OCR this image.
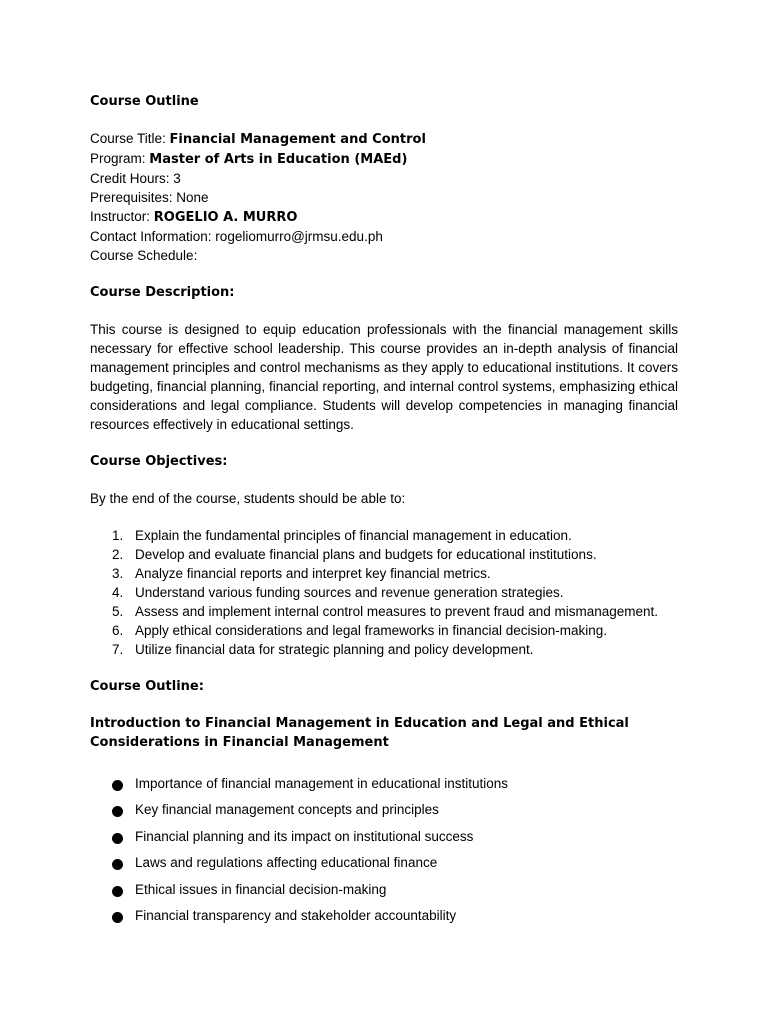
Course Outline

Course Title: Financial Management and Control

Program: Master of Arts in Education (MAEd)

Credit Hours: 3

Prerequisites: None

Instructor: ROGELIO A. MURRO

Contact Information: rogeliomurro@jrmsu.edu.ph

Course Schedule:

Course Description:

This course is designed to equip education professionals with the financial management skills necessary for effective school leadership. This course provides an in-depth analysis of financial management principles and control mechanisms as they apply to educational institutions. It covers budgeting, financial planning, financial reporting, and internal control systems, emphasizing ethical considerations and legal compliance. Students will develop competencies in managing financial resources effectively in educational settings.

Course Objectives:

By the end of the course, students should be able to:

1. Explain the fundamental principles of financial management in education.
2. Develop and evaluate financial plans and budgets for educational institutions.
3. Analyze financial reports and interpret key financial metrics.
4. Understand various funding sources and revenue generation strategies.
5. Assess and implement internal control measures to prevent fraud and mismanagement.
6. Apply ethical considerations and legal frameworks in financial decision-making.
7. Utilize financial data for strategic planning and policy development.

Course Outline:

Introduction to Financial Management in Education and Legal and Ethical Considerations in Financial Management

Importance of financial management in educational institutions
Key financial management concepts and principles
Financial planning and its impact on institutional success
Laws and regulations affecting educational finance
Ethical issues in financial decision-making
Financial transparency and stakeholder accountability
